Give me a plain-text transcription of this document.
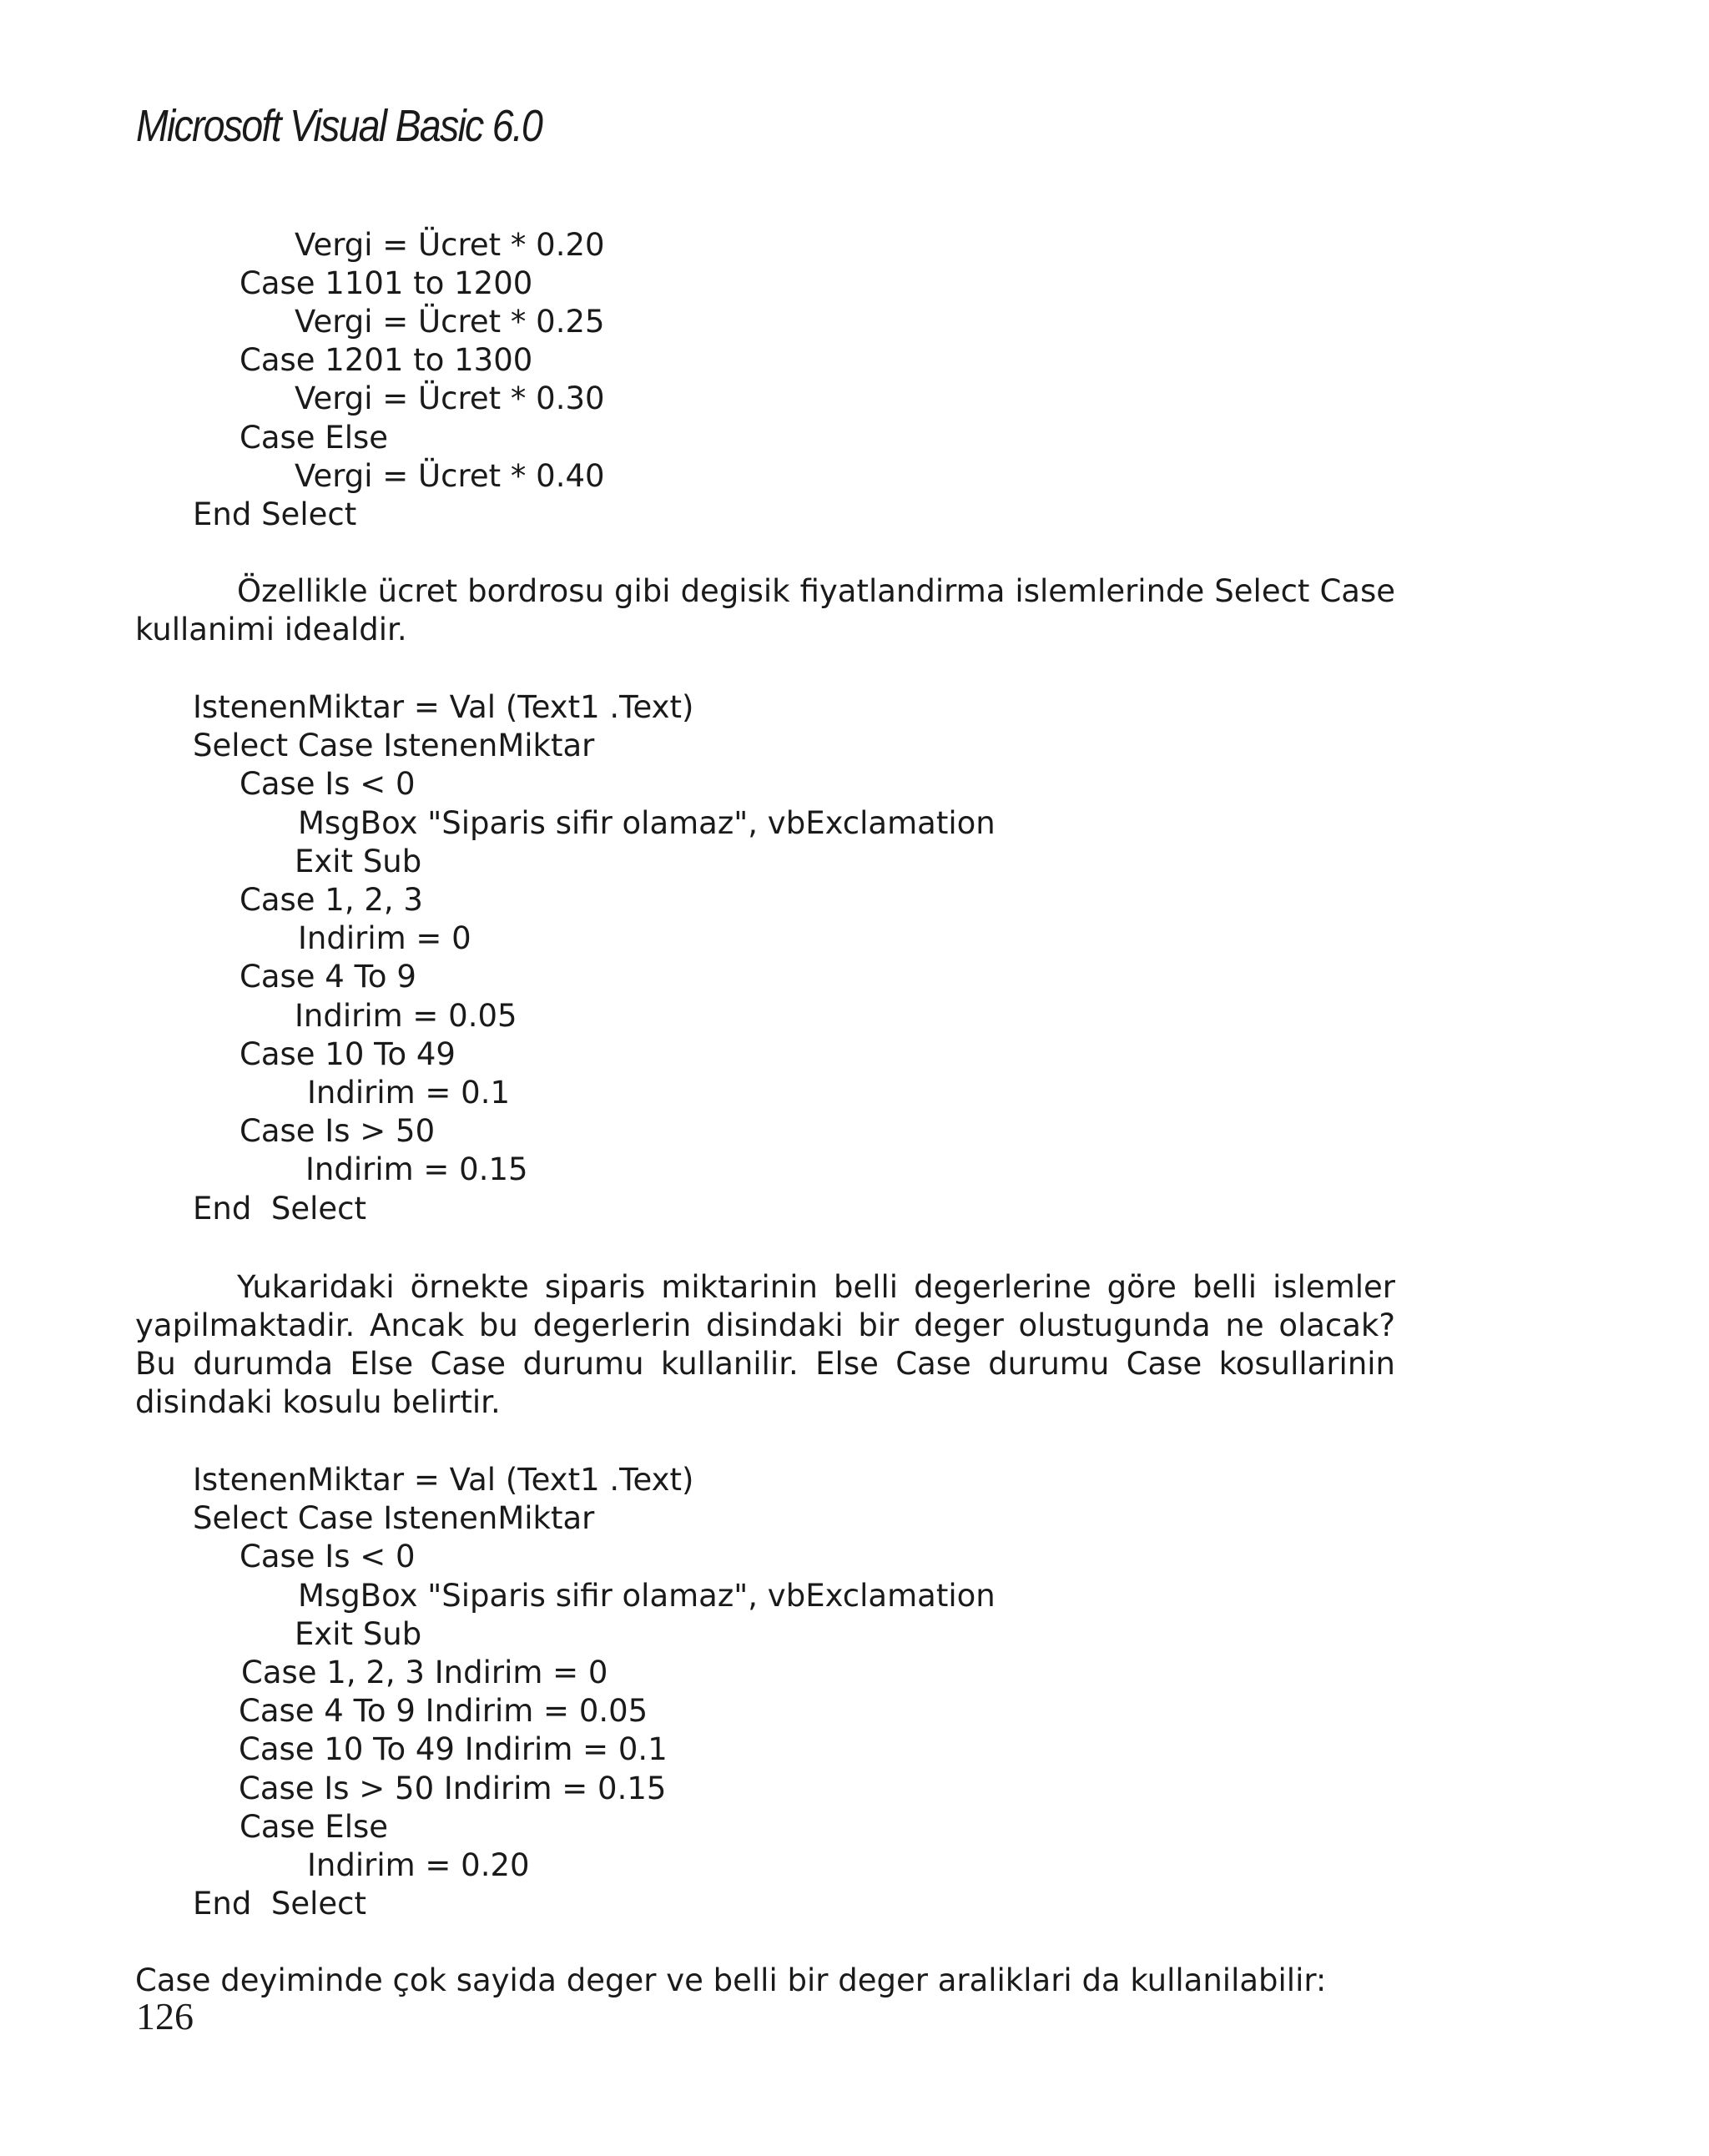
Microsoft Visual Basic 6.0
Vergi = Ücret * 0.20
Case 1101 to 1200
Vergi = Ücret * 0.25
Case 1201 to 1300
Vergi = Ücret * 0.30
Case Else
Vergi = Ücret * 0.40
End Select
Özellikle ücret bordrosu gibi degisik fiyatlandirma islemlerinde Select Case kullanimi idealdir.
IstenenMiktar = Val (Text1 .Text)
Select Case IstenenMiktar
Case Is < 0
MsgBox "Siparis sifir olamaz", vbExclamation
Exit Sub
Case 1, 2, 3
Indirim = 0
Case 4 To 9
Indirim = 0.05
Case 10 To 49
Indirim = 0.1
Case Is > 50
Indirim = 0.15
End  Select
Yukaridaki örnekte siparis miktarinin belli degerlerine göre belli islemler yapilmaktadir. Ancak bu degerlerin disindaki bir deger olustugunda ne olacak? Bu durumda Else Case durumu kullanilir. Else Case durumu Case kosullarinin disindaki kosulu belirtir.
IstenenMiktar = Val (Text1 .Text)
Select Case IstenenMiktar
Case Is < 0
MsgBox "Siparis sifir olamaz", vbExclamation
Exit Sub
Case 1, 2, 3 Indirim = 0
Case 4 To 9 Indirim = 0.05
Case 10 To 49 Indirim = 0.1
Case Is > 50 Indirim = 0.15
Case Else
Indirim = 0.20
End  Select
Case deyiminde çok sayida deger ve belli bir deger araliklari da kullanilabilir:
126
